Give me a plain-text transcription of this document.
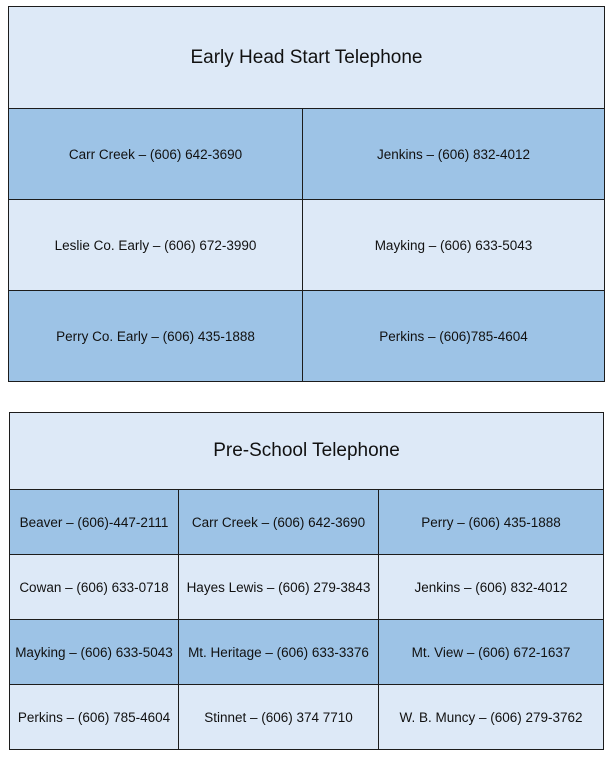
Early Head Start Telephone	
Carr Creek – (606) 642-3690	Jenkins – (606) 832-4012
Leslie Co. Early – (606) 672-3990	Mayking – (606) 633-5043
Perry Co. Early – (606) 435-1888	Perkins – (606)785-4604
Pre-School Telephone		
Beaver – (606)-447-2111	Carr Creek – (606) 642-3690	Perry – (606) 435-1888
Cowan – (606) 633-0718	Hayes Lewis – (606) 279-3843	Jenkins – (606) 832-4012
Mayking – (606) 633-5043	Mt. Heritage – (606) 633-3376	Mt. View – (606) 672-1637
Perkins – (606) 785-4604	Stinnet – (606) 374 7710	W. B. Muncy – (606) 279-3762
